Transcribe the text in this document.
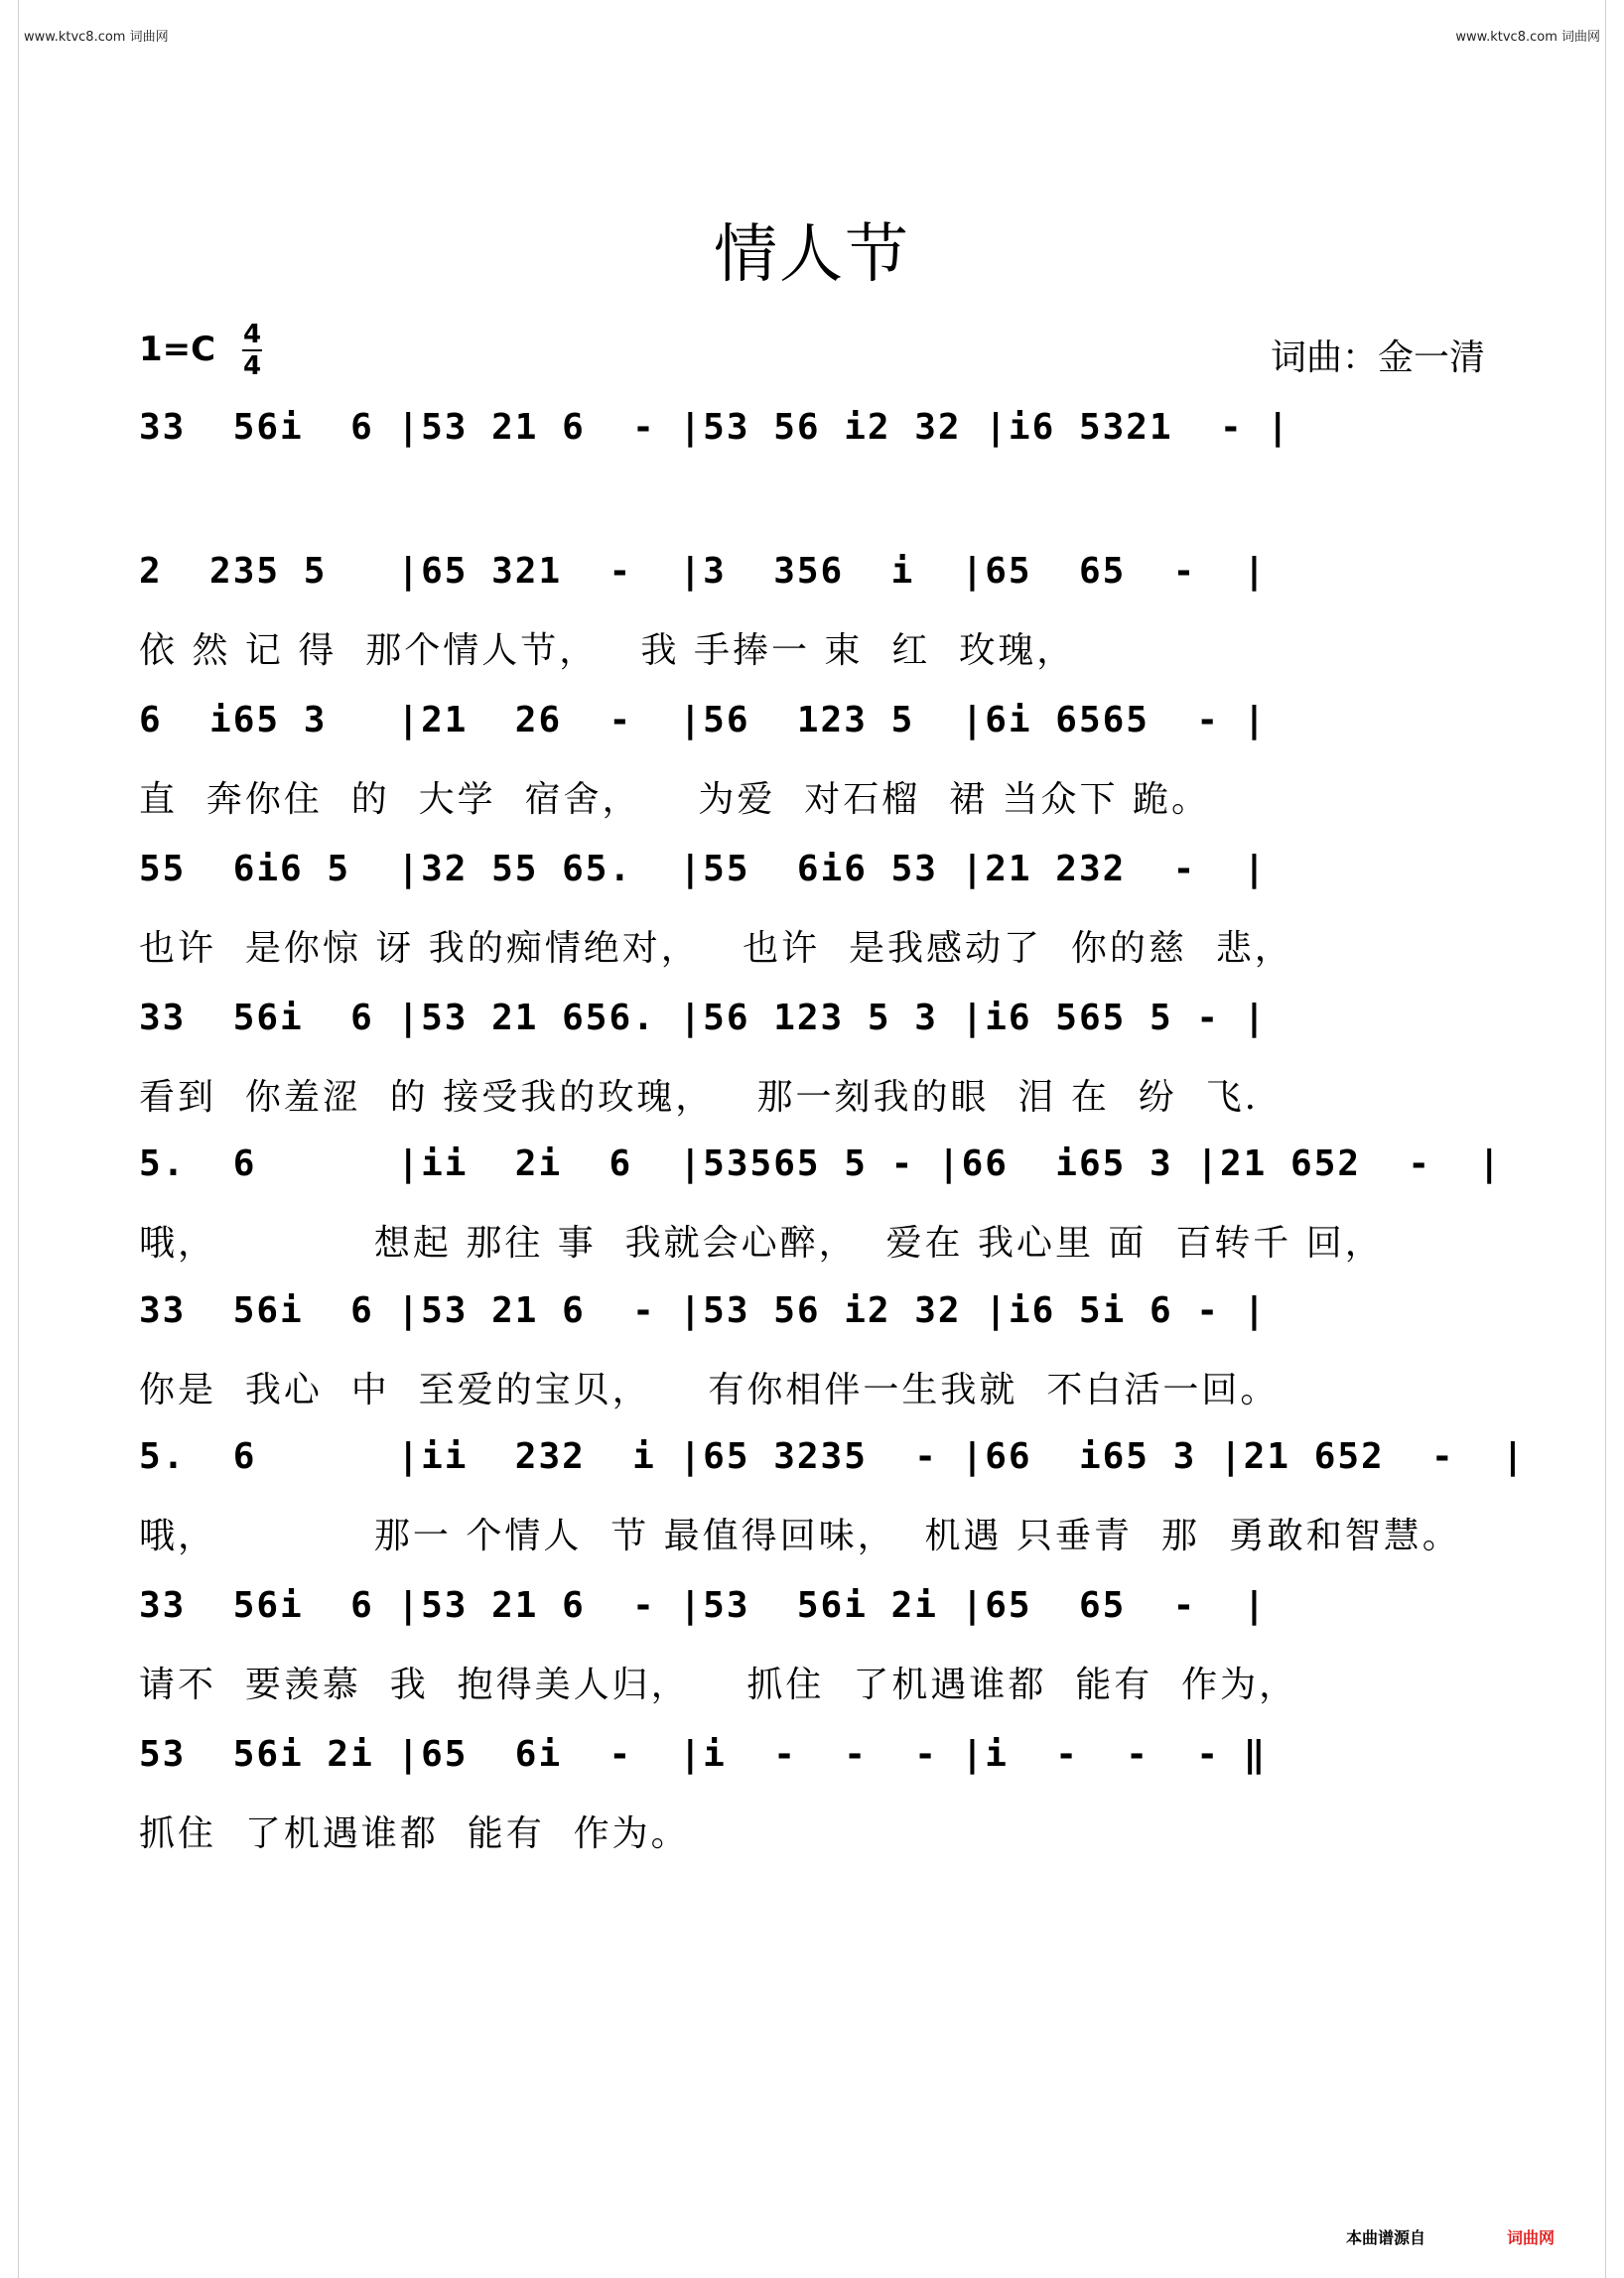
www.ktvc8.com 词曲网	www.ktvc8.com 词曲网
情人节
1=C 4
4	词曲：金一清
33  56i  6 |53 21 6  - |53 56 i2 32 |i6 5321  - |
2  235 5   |65 321  -  |3  356  i  |65  65  -  |
依 然 记 得  那个情人节，   我 手捧一 束  红  玫瑰，
6  i65 3   |21  26  -  |56  123 5  |6i 6565  - |
直  奔你住  的  大学  宿舍，    为爱  对石榴  裙 当众下 跪。
55  6i6 5  |32 55 65.  |55  6i6 53 |21 232  -  |
也许  是你惊 讶 我的痴情绝对，   也许  是我感动了  你的慈  悲，
33  56i  6 |53 21 656. |56 123 5 3 |i6 565 5 - |
看到  你羞涩  的 接受我的玫瑰，   那一刻我的眼  泪 在  纷  飞.
5.  6      |ii  2i  6  |53565 5 - |66  i65 3 |21 652  -  |
哦，           想起 那往 事  我就会心醉，  爱在 我心里 面  百转千 回，
33  56i  6 |53 21 6  - |53 56 i2 32 |i6 5i 6 - |
你是  我心  中  至爱的宝贝，    有你相伴一生我就  不白活一回。
5.  6      |ii  232  i |65 3235  - |66  i65 3 |21 652  -  |
哦，           那一 个情人  节 最值得回味，  机遇 只垂青  那  勇敢和智慧。
33  56i  6 |53 21 6  - |53  56i 2i |65  65  -  |
请不  要羡慕  我  抱得美人归，    抓住  了机遇谁都  能有  作为，
53  56i 2i |65  6i  -  |i  -  -  - |i  -  -  - ‖
抓住  了机遇谁都  能有  作为。
本曲谱源自	词曲网
